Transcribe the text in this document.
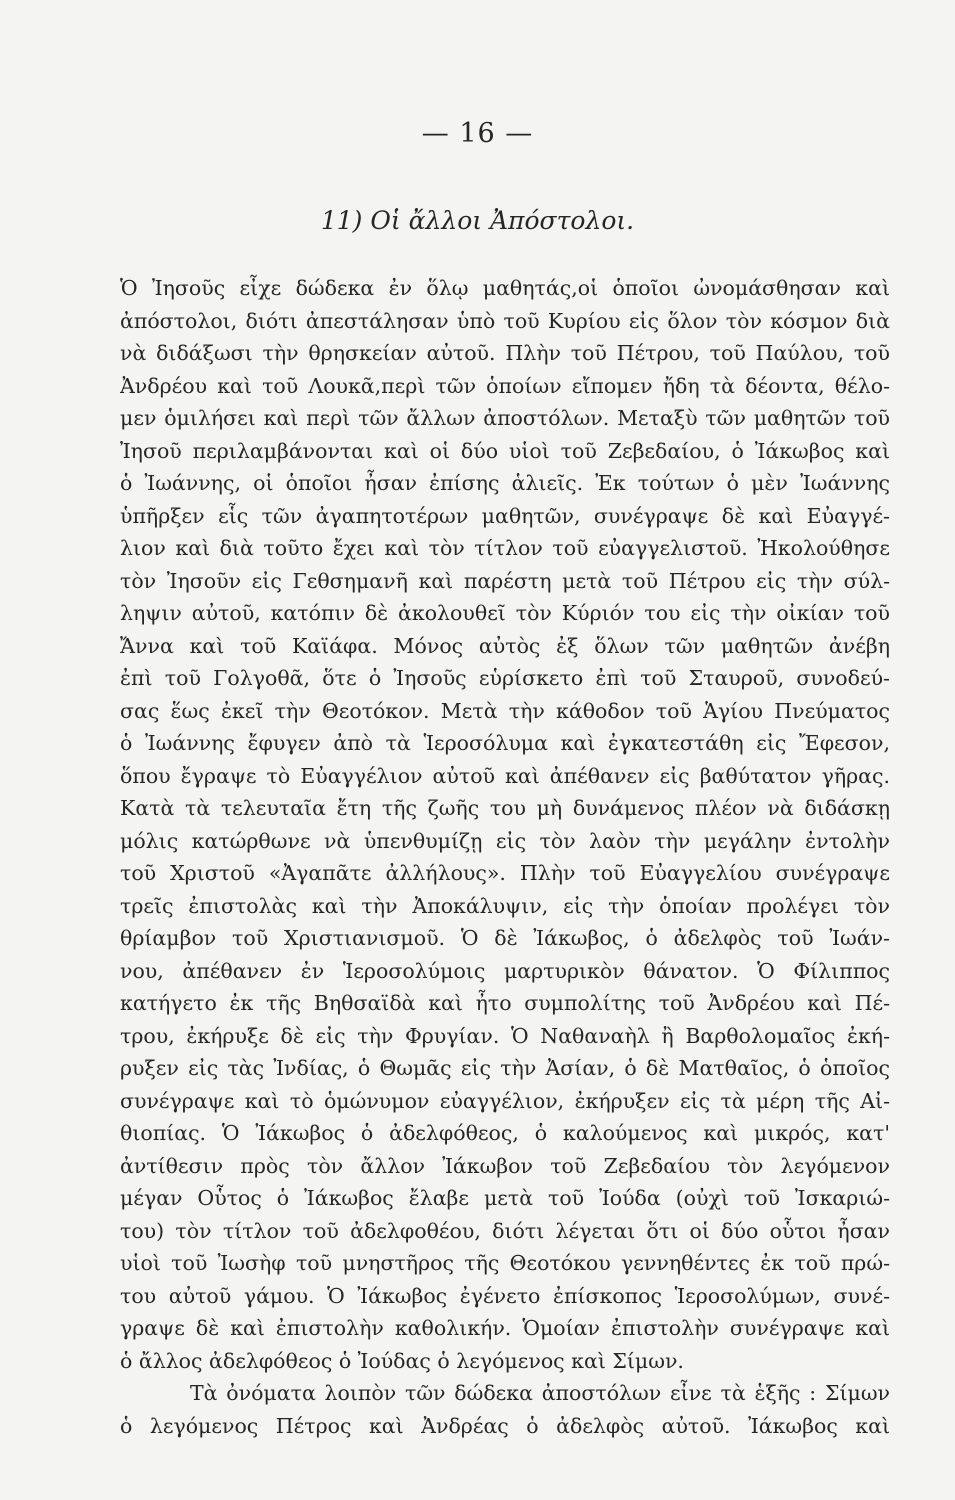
— 16 —
11) Οἱ ἄλλοι Ἀπόστολοι.
Ὁ Ἰησοῦς εἶχε δώδεκα ἐν ὅλῳ μαθητάς,οἱ ὁποῖοι ὠνομάσθησαν καὶ
ἀπόστολοι, διότι ἀπεστάλησαν ὑπὸ τοῦ Κυρίου εἰς ὅλον τὸν κόσμον διὰ
νὰ διδάξωσι τὴν θρησκείαν αὐτοῦ. Πλὴν τοῦ Πέτρου, τοῦ Παύλου, τοῦ
Ἀνδρέου καὶ τοῦ Λουκᾶ,περὶ τῶν ὁποίων εἴπομεν ἤδη τὰ δέοντα, θέλο-
μεν ὁμιλήσει καὶ περὶ τῶν ἄλλων ἀποστόλων. Μεταξὺ τῶν μαθητῶν τοῦ
Ἰησοῦ περιλαμβάνονται καὶ οἱ δύο υἱοὶ τοῦ Ζεβεδαίου, ὁ Ἰάκωβος καὶ
ὁ Ἰωάννης, οἱ ὁποῖοι ἦσαν ἐπίσης ἁλιεῖς. Ἐκ τούτων ὁ μὲν Ἰωάννης
ὑπῆρξεν εἷς τῶν ἀγαπητοτέρων μαθητῶν, συνέγραψε δὲ καὶ Εὐαγγέ-
λιον καὶ διὰ τοῦτο ἔχει καὶ τὸν τίτλον τοῦ εὐαγγελιστοῦ. Ἠκολούθησε
τὸν Ἰησοῦν εἰς Γεθσημανῆ καὶ παρέστη μετὰ τοῦ Πέτρου εἰς τὴν σύλ-
ληψιν αὐτοῦ, κατόπιν δὲ ἀκολουθεῖ τὸν Κύριόν του εἰς τὴν οἰκίαν τοῦ
Ἄννα καὶ τοῦ Καϊάφα. Μόνος αὐτὸς ἐξ ὅλων τῶν μαθητῶν ἀνέβη
ἐπὶ τοῦ Γολγοθᾶ, ὅτε ὁ Ἰησοῦς εὑρίσκετο ἐπὶ τοῦ Σταυροῦ, συνοδεύ-
σας ἕως ἐκεῖ τὴν Θεοτόκον. Μετὰ τὴν κάθοδον τοῦ Ἁγίου Πνεύματος
ὁ Ἰωάννης ἔφυγεν ἀπὸ τὰ Ἱεροσόλυμα καὶ ἐγκατεστάθη εἰς Ἔφεσον,
ὅπου ἔγραψε τὸ Εὐαγγέλιον αὐτοῦ καὶ ἀπέθανεν εἰς βαθύτατον γῆρας.
Κατὰ τὰ τελευταῖα ἔτη τῆς ζωῆς του μὴ δυνάμενος πλέον νὰ διδάσκῃ
μόλις κατώρθωνε νὰ ὑπενθυμίζῃ εἰς τὸν λαὸν τὴν μεγάλην ἐντολὴν
τοῦ Χριστοῦ «Ἀγαπᾶτε ἀλλήλους». Πλὴν τοῦ Εὐαγγελίου συνέγραψε
τρεῖς ἐπιστολὰς καὶ τὴν Ἀποκάλυψιν, εἰς τὴν ὁποίαν προλέγει τὸν
θρίαμβον τοῦ Χριστιανισμοῦ. Ὁ δὲ Ἰάκωβος, ὁ ἀδελφὸς τοῦ Ἰωάν-
νου, ἀπέθανεν ἐν Ἱεροσολύμοις μαρτυρικὸν θάνατον. Ὁ Φίλιππος
κατήγετο ἐκ τῆς Βηθσαϊδὰ καὶ ἦτο συμπολίτης τοῦ Ἀνδρέου καὶ Πέ-
τρου, ἐκήρυξε δὲ εἰς τὴν Φρυγίαν. Ὁ Ναθαναὴλ ἢ Βαρθολομαῖος ἐκή-
ρυξεν εἰς τὰς Ἰνδίας, ὁ Θωμᾶς εἰς τὴν Ἀσίαν, ὁ δὲ Ματθαῖος, ὁ ὁποῖος
συνέγραψε καὶ τὸ ὁμώνυμον εὐαγγέλιον, ἐκήρυξεν εἰς τὰ μέρη τῆς Αἰ-
θιοπίας. Ὁ Ἰάκωβος ὁ ἀδελφόθεος, ὁ καλούμενος καὶ μικρός, κατ'
ἀντίθεσιν πρὸς τὸν ἄλλον Ἰάκωβον τοῦ Ζεβεδαίου τὸν λεγόμενον
μέγαν Οὗτος ὁ Ἰάκωβος ἔλαβε μετὰ τοῦ Ἰούδα (οὐχὶ τοῦ Ἰσκαριώ-
του) τὸν τίτλον τοῦ ἀδελφοθέου, διότι λέγεται ὅτι οἱ δύο οὗτοι ἦσαν
υἱοὶ τοῦ Ἰωσὴφ τοῦ μνηστῆρος τῆς Θεοτόκου γεννηθέντες ἐκ τοῦ πρώ-
του αὐτοῦ γάμου. Ὁ Ἰάκωβος ἐγένετο ἐπίσκοπος Ἱεροσολύμων, συνέ-
γραψε δὲ καὶ ἐπιστολὴν καθολικήν. Ὁμοίαν ἐπιστολὴν συνέγραψε καὶ
ὁ ἄλλος ἀδελφόθεος ὁ Ἰούδας ὁ λεγόμενος καὶ Σίμων.
Τὰ ὀνόματα λοιπὸν τῶν δώδεκα ἀποστόλων εἶνε τὰ ἑξῆς : Σίμων
ὁ λεγόμενος Πέτρος καὶ Ἀνδρέας ὁ ἀδελφὸς αὐτοῦ. Ἰάκωβος καὶ
